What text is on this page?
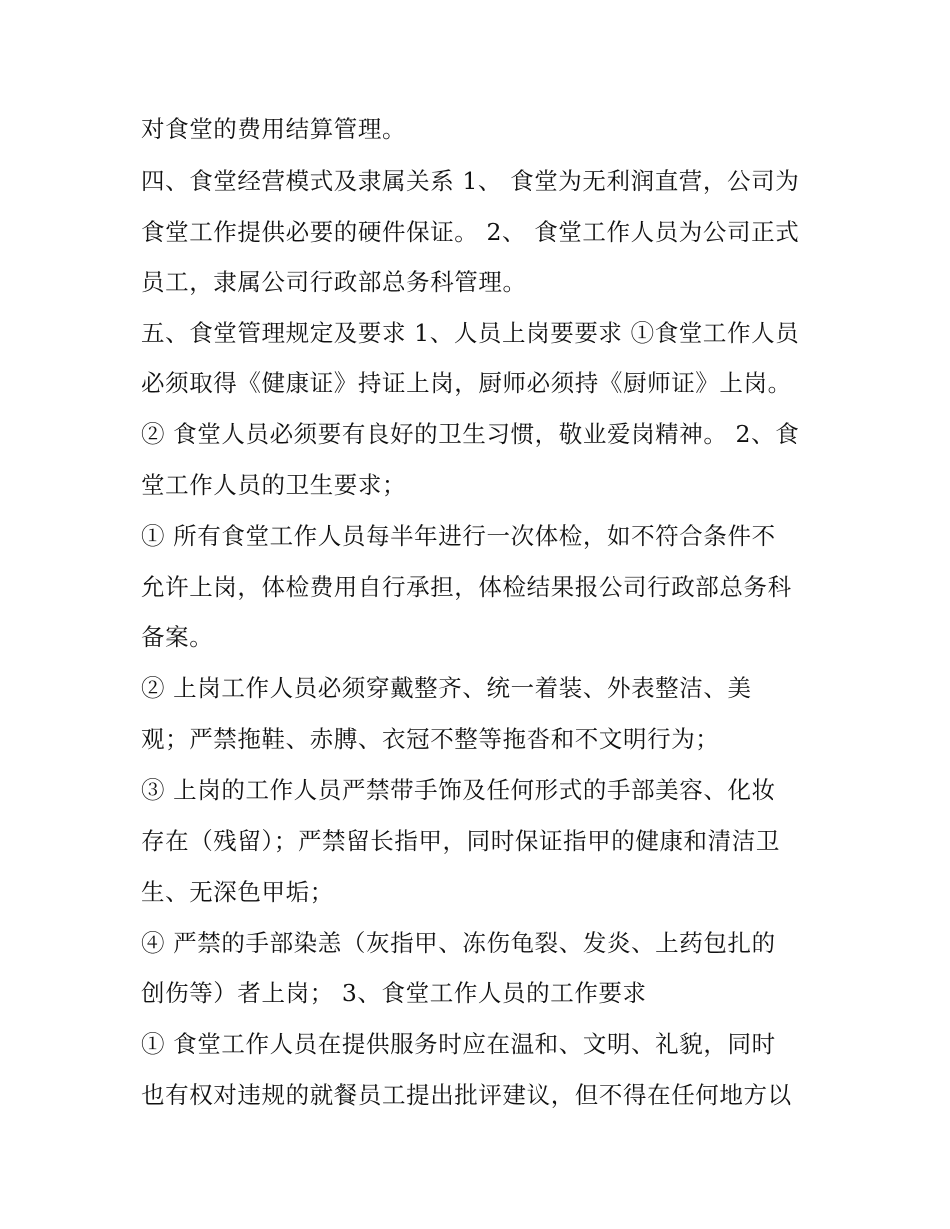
对食堂的费用结算管理。
四、食堂经营模式及隶属关系 1、 食堂为无利润直营，公司为
食堂工作提供必要的硬件保证。 2、 食堂工作人员为公司正式
员工，隶属公司行政部总务科管理。
五、食堂管理规定及要求 1、人员上岗要要求 ①食堂工作人员
必须取得《健康证》持证上岗，厨师必须持《厨师证》上岗。
② 食堂人员必须要有良好的卫生习惯，敬业爱岗精神。 2、食
堂工作人员的卫生要求；
① 所有食堂工作人员每半年进行一次体检，如不符合条件不
允许上岗，体检费用自行承担，体检结果报公司行政部总务科
备案。
② 上岗工作人员必须穿戴整齐、统一着装、外表整洁、美
观；严禁拖鞋、赤膊、衣冠不整等拖沓和不文明行为；
③ 上岗的工作人员严禁带手饰及任何形式的手部美容、化妆
存在（残留）；严禁留长指甲，同时保证指甲的健康和清洁卫
生、无深色甲垢；
④ 严禁的手部染恙（灰指甲、冻伤龟裂、发炎、上药包扎的
创伤等）者上岗； 3、食堂工作人员的工作要求
① 食堂工作人员在提供服务时应在温和、文明、礼貌，同时
也有权对违规的就餐员工提出批评建议，但不得在任何地方以
